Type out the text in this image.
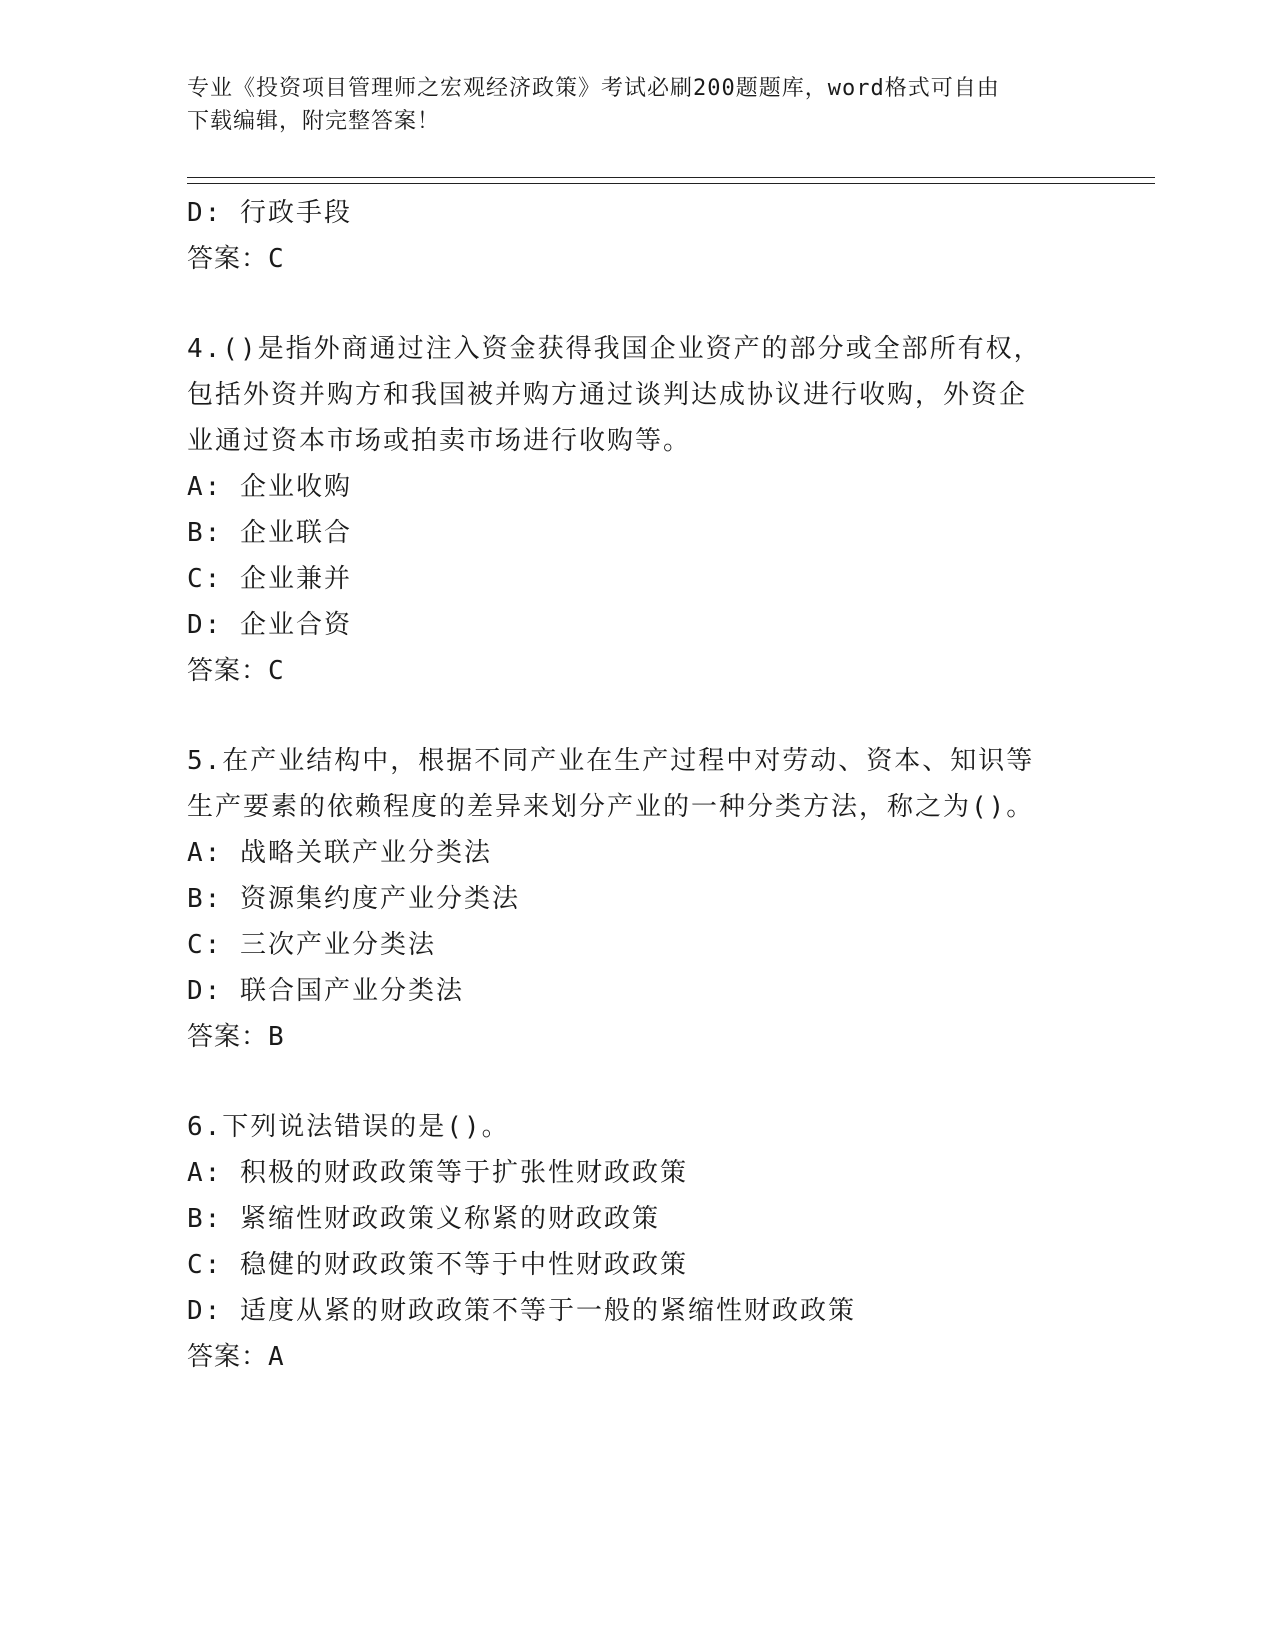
专业《投资项目管理师之宏观经济政策》考试必刷200题题库，word格式可自由
下载编辑，附完整答案！
D: 行政手段
答案：C
4.()是指外商通过注入资金获得我国企业资产的部分或全部所有权，
包括外资并购方和我国被并购方通过谈判达成协议进行收购，外资企
业通过资本市场或拍卖市场进行收购等。
A: 企业收购
B: 企业联合
C: 企业兼并
D: 企业合资
答案：C
5.在产业结构中，根据不同产业在生产过程中对劳动、资本、知识等
生产要素的依赖程度的差异来划分产业的一种分类方法，称之为()。
A: 战略关联产业分类法
B: 资源集约度产业分类法
C: 三次产业分类法
D: 联合国产业分类法
答案：B
6.下列说法错误的是()。
A: 积极的财政政策等于扩张性财政政策
B: 紧缩性财政政策义称紧的财政政策
C: 稳健的财政政策不等于中性财政政策
D: 适度从紧的财政政策不等于一般的紧缩性财政政策
答案：A
